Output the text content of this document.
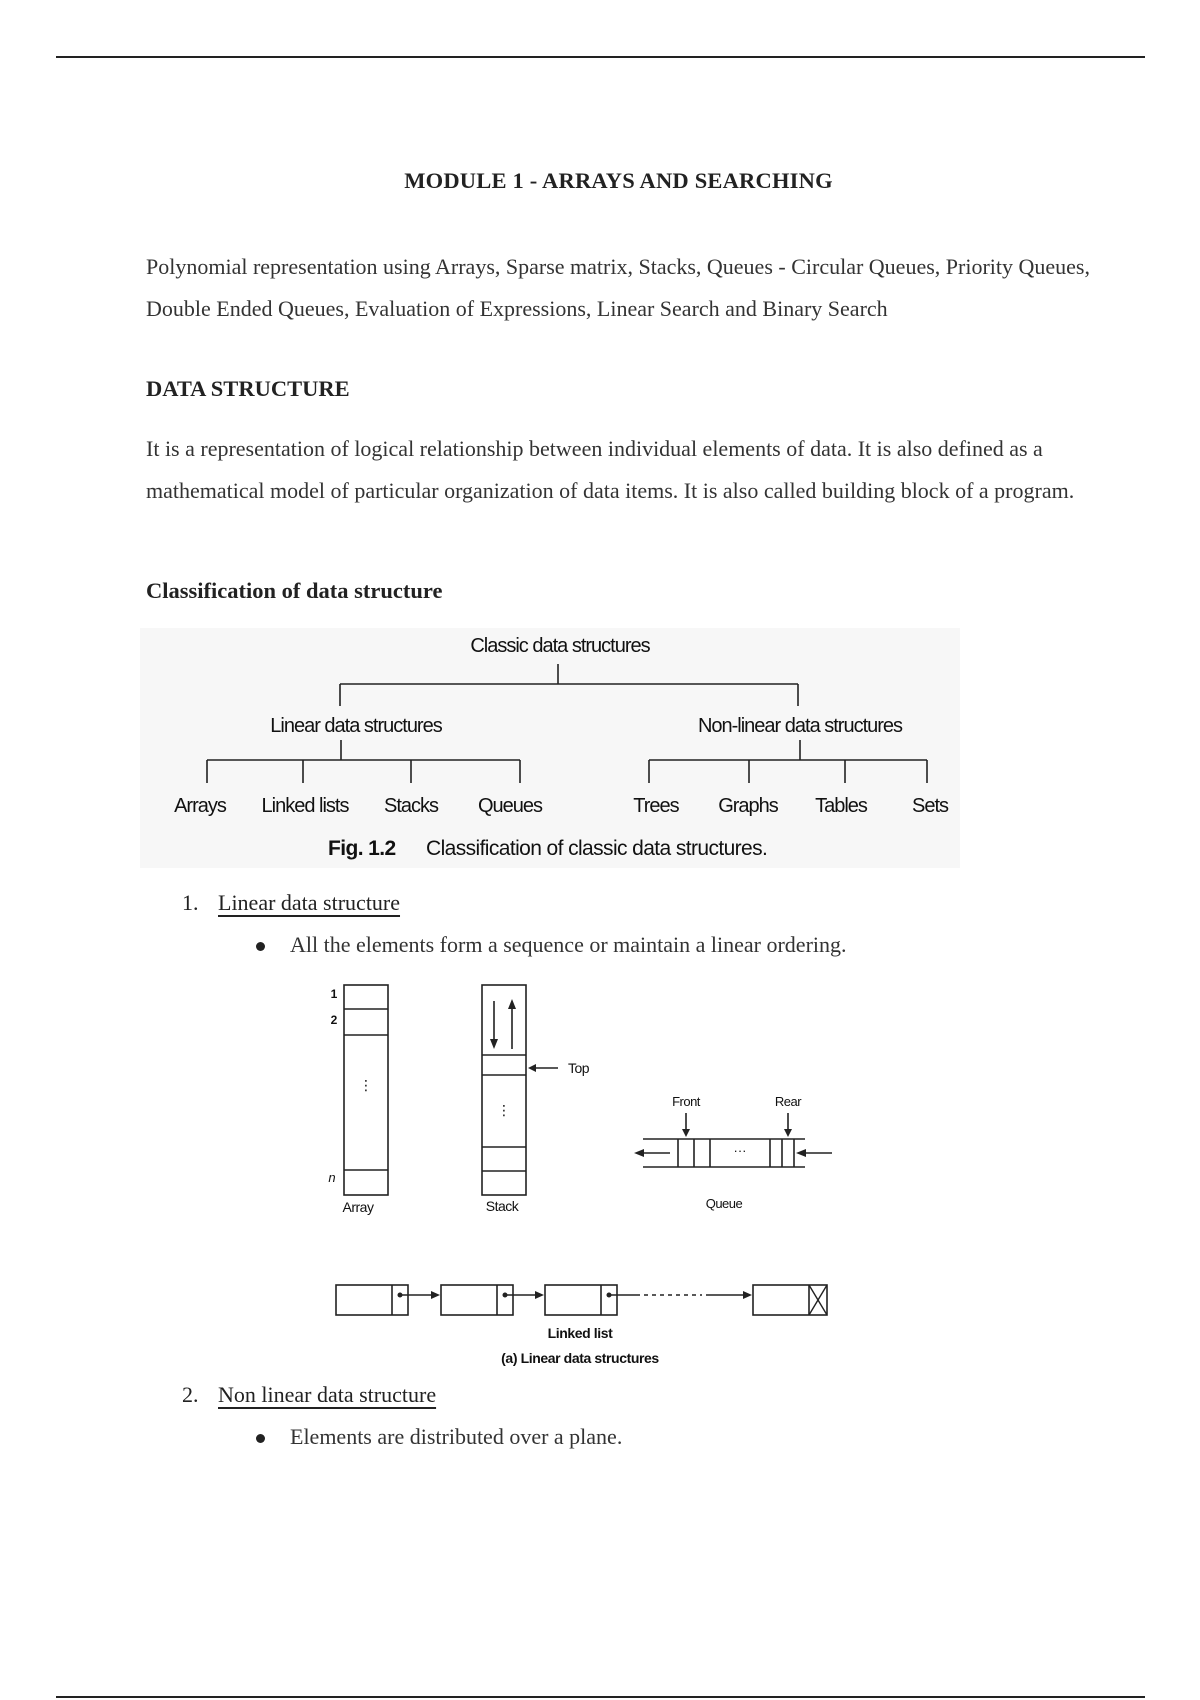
MODULE 1 - ARRAYS AND SEARCHING
Polynomial representation using Arrays, Sparse matrix, Stacks, Queues - Circular Queues, Priority Queues, Double Ended Queues, Evaluation of Expressions, Linear Search and Binary Search
DATA STRUCTURE
It is a representation of logical relationship between individual elements of data. It is also defined as a mathematical model of particular organization of data items. It is also called building block of a program.
Classification of data structure
Classic data structures
Linear data structures	Non-linear data structures
Arrays Linked lists Stacks Queues	Trees Graphs Tables Sets
Fig. 1.2 Classification of classic data structures.
1. Linear data structure
All the elements form a sequence or maintain a linear ordering.
1
2
n
⋮
Array
⋮
Top
Stack
Front	Rear
···
Queue
Linked list
(a) Linear data structures
2. Non linear data structure
Elements are distributed over a plane.
